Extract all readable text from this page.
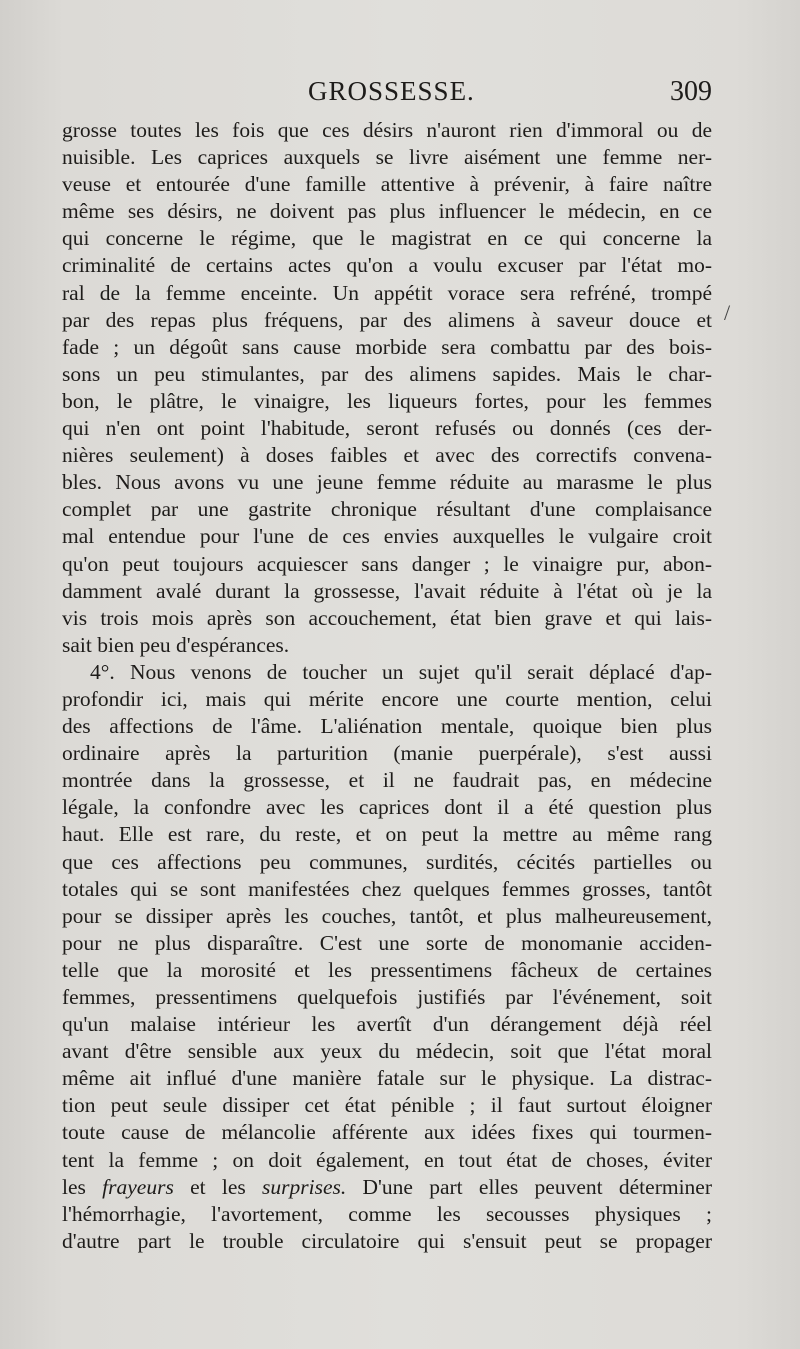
GROSSESSE.	309
/
grosse toutes les fois que ces désirs n'auront rien d'immoral ou de
nuisible. Les caprices auxquels se livre aisément une femme ner-
veuse et entourée d'une famille attentive à prévenir, à faire naître
même ses désirs, ne doivent pas plus influencer le médecin, en ce
qui concerne le régime, que le magistrat en ce qui concerne la
criminalité de certains actes qu'on a voulu excuser par l'état mo-
ral de la femme enceinte. Un appétit vorace sera refréné, trompé
par des repas plus fréquens, par des alimens à saveur douce et
fade ; un dégoût sans cause morbide sera combattu par des bois-
sons un peu stimulantes, par des alimens sapides. Mais le char-
bon, le plâtre, le vinaigre, les liqueurs fortes, pour les femmes
qui n'en ont point l'habitude, seront refusés ou donnés (ces der-
nières seulement) à doses faibles et avec des correctifs convena-
bles. Nous avons vu une jeune femme réduite au marasme le plus
complet par une gastrite chronique résultant d'une complaisance
mal entendue pour l'une de ces envies auxquelles le vulgaire croit
qu'on peut toujours acquiescer sans danger ; le vinaigre pur, abon-
damment avalé durant la grossesse, l'avait réduite à l'état où je la
vis trois mois après son accouchement, état bien grave et qui lais-
sait bien peu d'espérances.
4°. Nous venons de toucher un sujet qu'il serait déplacé d'ap-
profondir ici, mais qui mérite encore une courte mention, celui
des affections de l'âme. L'aliénation mentale, quoique bien plus
ordinaire après la parturition (manie puerpérale), s'est aussi
montrée dans la grossesse, et il ne faudrait pas, en médecine
légale, la confondre avec les caprices dont il a été question plus
haut. Elle est rare, du reste, et on peut la mettre au même rang
que ces affections peu communes, surdités, cécités partielles ou
totales qui se sont manifestées chez quelques femmes grosses, tantôt
pour se dissiper après les couches, tantôt, et plus malheureusement,
pour ne plus disparaître. C'est une sorte de monomanie acciden-
telle que la morosité et les pressentimens fâcheux de certaines
femmes, pressentimens quelquefois justifiés par l'événement, soit
qu'un malaise intérieur les avertît d'un dérangement déjà réel
avant d'être sensible aux yeux du médecin, soit que l'état moral
même ait influé d'une manière fatale sur le physique. La distrac-
tion peut seule dissiper cet état pénible ; il faut surtout éloigner
toute cause de mélancolie afférente aux idées fixes qui tourmen-
tent la femme ; on doit également, en tout état de choses, éviter
les frayeurs et les surprises. D'une part elles peuvent déterminer
l'hémorrhagie, l'avortement, comme les secousses physiques ;
d'autre part le trouble circulatoire qui s'ensuit peut se propager
